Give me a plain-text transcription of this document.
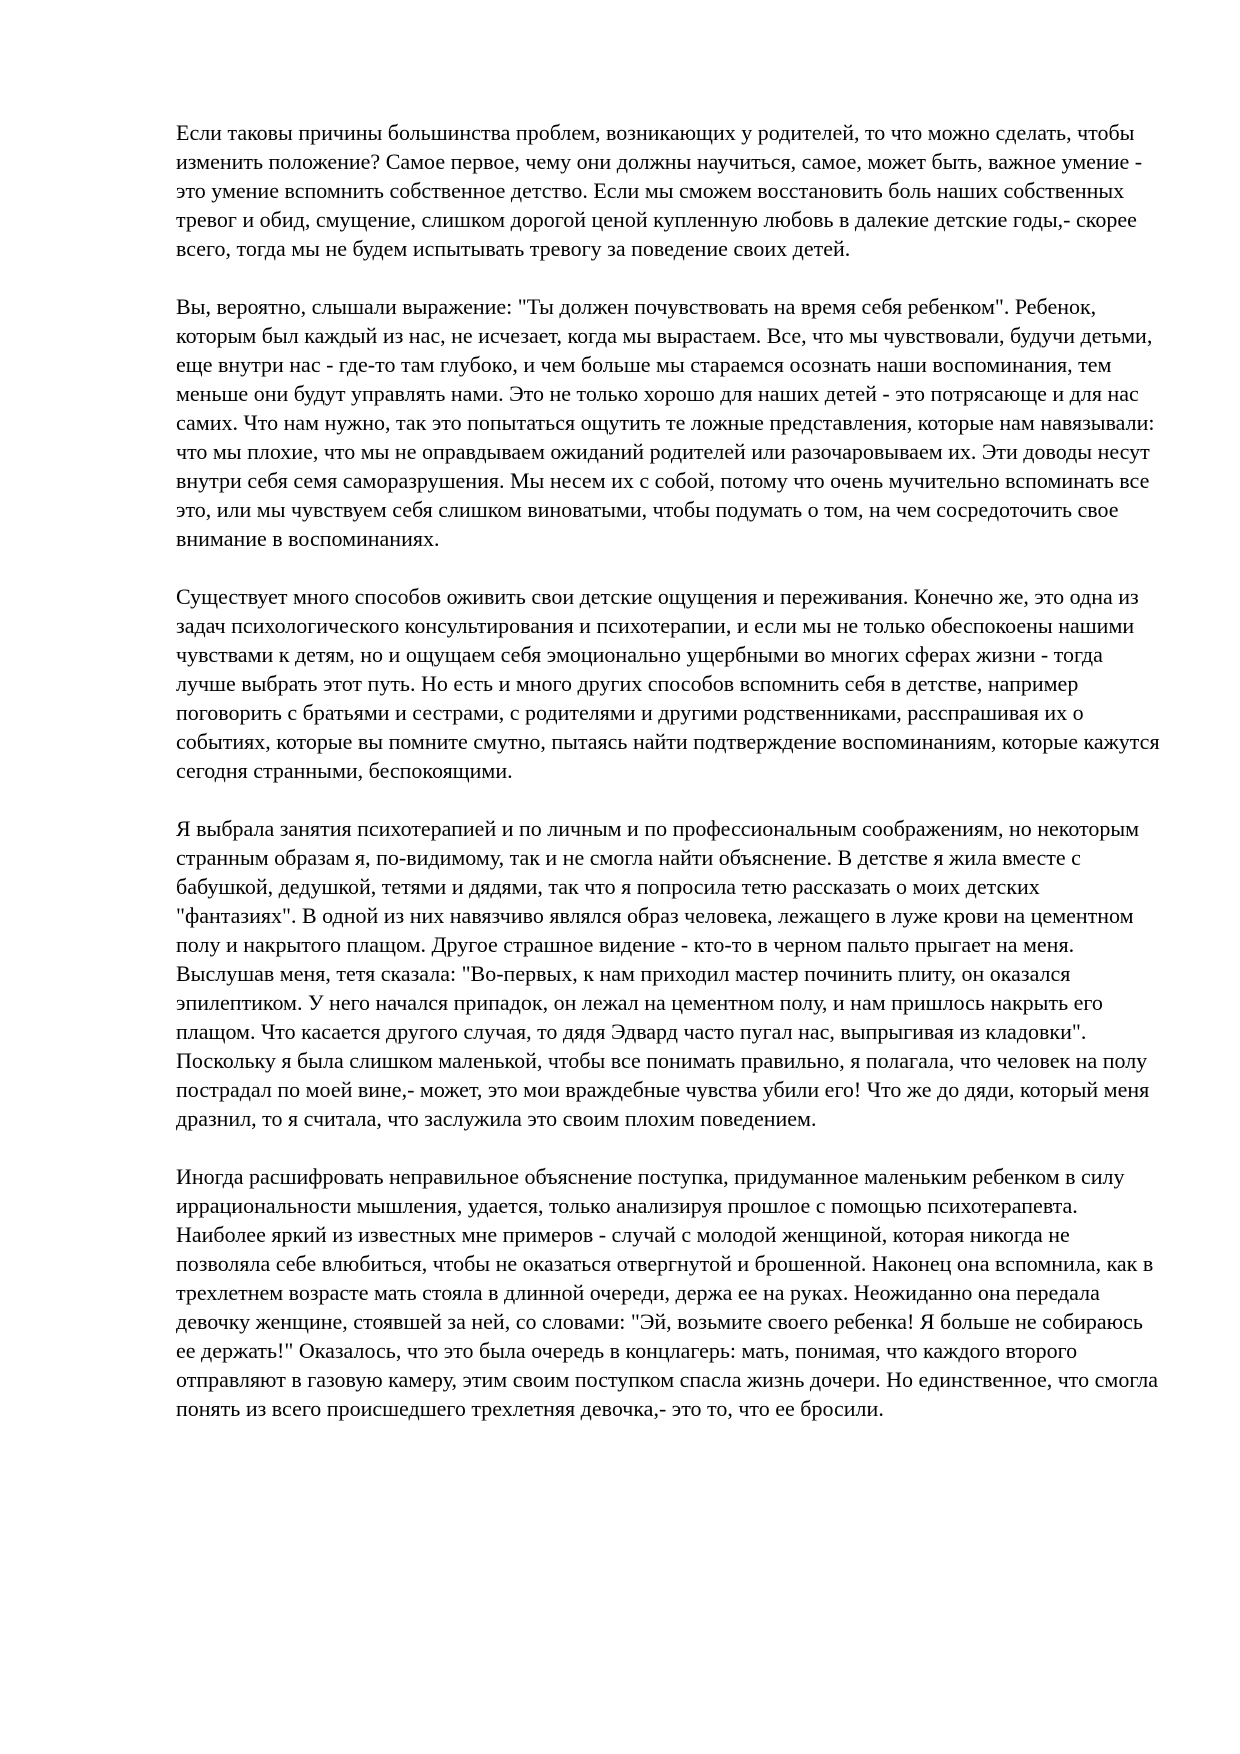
Если таковы причины большинства проблем, возникающих у родителей, то что можно сделать, чтобы изменить положение? Самое первое, чему они должны научиться, самое, может быть, важное умение - это умение вспомнить собственное детство. Если мы сможем восстановить боль наших собственных тревог и обид, смущение, слишком дорогой ценой купленную любовь в далекие детские годы,- скорее всего, тогда мы не будем испытывать тревогу за поведение своих детей.

Вы, вероятно, слышали выражение: "Ты должен почувствовать на время себя ребенком". Ребенок, которым был каждый из нас, не исчезает, когда мы вырастаем. Все, что мы чувствовали, будучи детьми, еще внутри нас - где-то там глубоко, и чем больше мы стараемся осознать наши воспоминания, тем меньше они будут управлять нами. Это не только хорошо для наших детей - это потрясающе и для нас самих. Что нам нужно, так это попытаться ощутить те ложные представления, которые нам навязывали: что мы плохие, что мы не оправдываем ожиданий родителей или разочаровываем их. Эти доводы несут внутри себя семя саморазрушения. Мы несем их с собой, потому что очень мучительно вспоминать все это, или мы чувствуем себя слишком виноватыми, чтобы подумать о том, на чем сосредоточить свое внимание в воспоминаниях.

Существует много способов оживить свои детские ощущения и переживания. Конечно же, это одна из задач психологического консультирования и психотерапии, и если мы не только обеспокоены нашими чувствами к детям, но и ощущаем себя эмоционально ущербными во многих сферах жизни - тогда лучше выбрать этот путь. Но есть и много других способов вспомнить себя в детстве, например поговорить с братьями и сестрами, с родителями и другими родственниками, расспрашивая их о событиях, которые вы помните смутно, пытаясь найти подтверждение воспоминаниям, которые кажутся сегодня странными, беспокоящими.

Я выбрала занятия психотерапией и по личным и по профессиональным соображениям, но некоторым странным образам я, по-видимому, так и не смогла найти объяснение. В детстве я жила вместе с бабушкой, дедушкой, тетями и дядями, так что я попросила тетю рассказать о моих детских "фантазиях". В одной из них навязчиво являлся образ человека, лежащего в луже крови на цементном полу и накрытого плащом. Другое страшное видение - кто-то в черном пальто прыгает на меня. Выслушав меня, тетя сказала: "Во-первых, к нам приходил мастер починить плиту, он оказался эпилептиком. У него начался припадок, он лежал на цементном полу, и нам пришлось накрыть его плащом. Что касается другого случая, то дядя Эдвард часто пугал нас, выпрыгивая из кладовки". Поскольку я была слишком маленькой, чтобы все понимать правильно, я полагала, что человек на полу пострадал по моей вине,- может, это мои враждебные чувства убили его! Что же до дяди, который меня дразнил, то я считала, что заслужила это своим плохим поведением.

Иногда расшифровать неправильное объяснение поступка, придуманное маленьким ребенком в силу иррациональности мышления, удается, только анализируя прошлое с помощью психотерапевта. Наиболее яркий из известных мне примеров - случай с молодой женщиной, которая никогда не позволяла себе влюбиться, чтобы не оказаться отвергнутой и брошенной. Наконец она вспомнила, как в трехлетнем возрасте мать стояла в длинной очереди, держа ее на руках. Неожиданно она передала девочку женщине, стоявшей за ней, со словами: "Эй, возьмите своего ребенка! Я больше не собираюсь ее держать!" Оказалось, что это была очередь в концлагерь: мать, понимая, что каждого второго отправляют в газовую камеру, этим своим поступком спасла жизнь дочери. Но единственное, что смогла понять из всего происшедшего трехлетняя девочка,- это то, что ее бросили.
